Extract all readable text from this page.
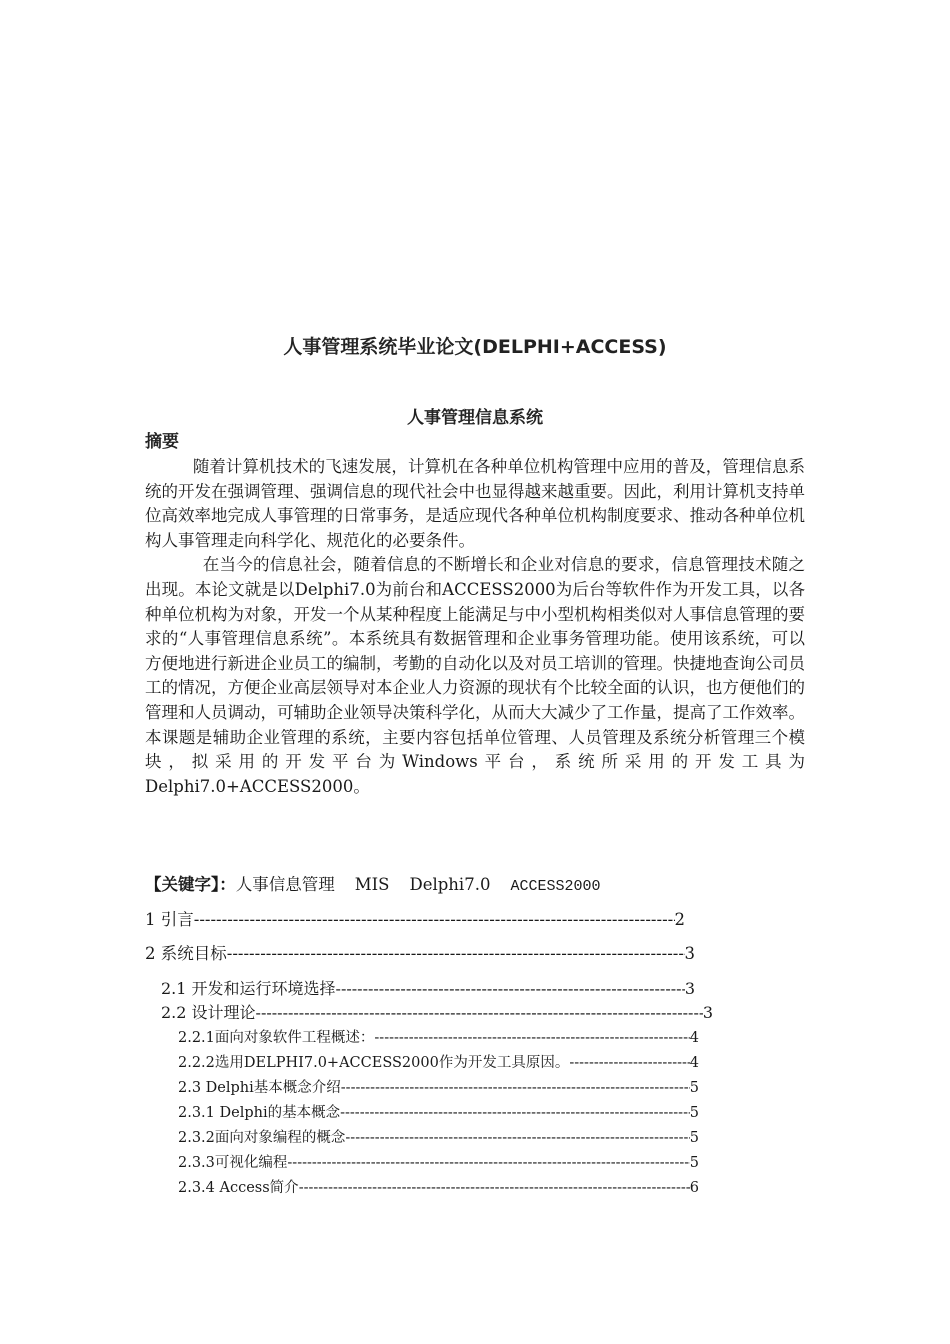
人事管理系统毕业论文(DELPHI+ACCESS)
人事管理信息系统
摘要

随着计算机技术的飞速发展，计算机在各种单位机构管理中应用的普及，管理信息系统的开发在强调管理、强调信息的现代社会中也显得越来越重要。因此，利用计算机支持单位高效率地完成人事管理的日常事务，是适应现代各种单位机构制度要求、推动各种单位机构人事管理走向科学化、规范化的必要条件。

在当今的信息社会，随着信息的不断增长和企业对信息的要求，信息管理技术随之出现。本论文就是以Delphi7.0为前台和ACCESS2000为后台等软件作为开发工具，以各种单位机构为对象，开发一个从某种程度上能满足与中小型机构相类似对人事信息管理的要求的“人事管理信息系统”。本系统具有数据管理和企业事务管理功能。使用该系统，可以方便地进行新进企业员工的编制，考勤的自动化以及对员工培训的管理。快捷地查询公司员工的情况，方便企业高层领导对本企业人力资源的现状有个比较全面的认识，也方便他们的管理和人员调动，可辅助企业领导决策科学化，从而大大减少了工作量，提高了工作效率。本课题是辅助企业管理的系统，主要内容包括单位管理、人员管理及系统分析管理三个模块，拟采用的开发平台为Windows平台，系统所采用的开发工具为Delphi7.0+ACCESS2000。

【关键字】：人事信息管理 MIS Delphi7.0 ACCESS2000
1 引言 -----	2
2 系统目标 -----	3
2.1 开发和运行环境选择 -----	3
2.2 设计理论 -----	3
2.2.1面向对象软件工程概述： -----	4
2.2.2选用DELPHI7.0+ACCESS2000作为开发工具原因。 -----	4
2.3 Delphi基本概念介绍 -----	5
2.3.1 Delphi的基本概念 -----	5
2.3.2面向对象编程的概念 -----	5
2.3.3可视化编程 -----	5
2.3.4 Access简介 -----	6
